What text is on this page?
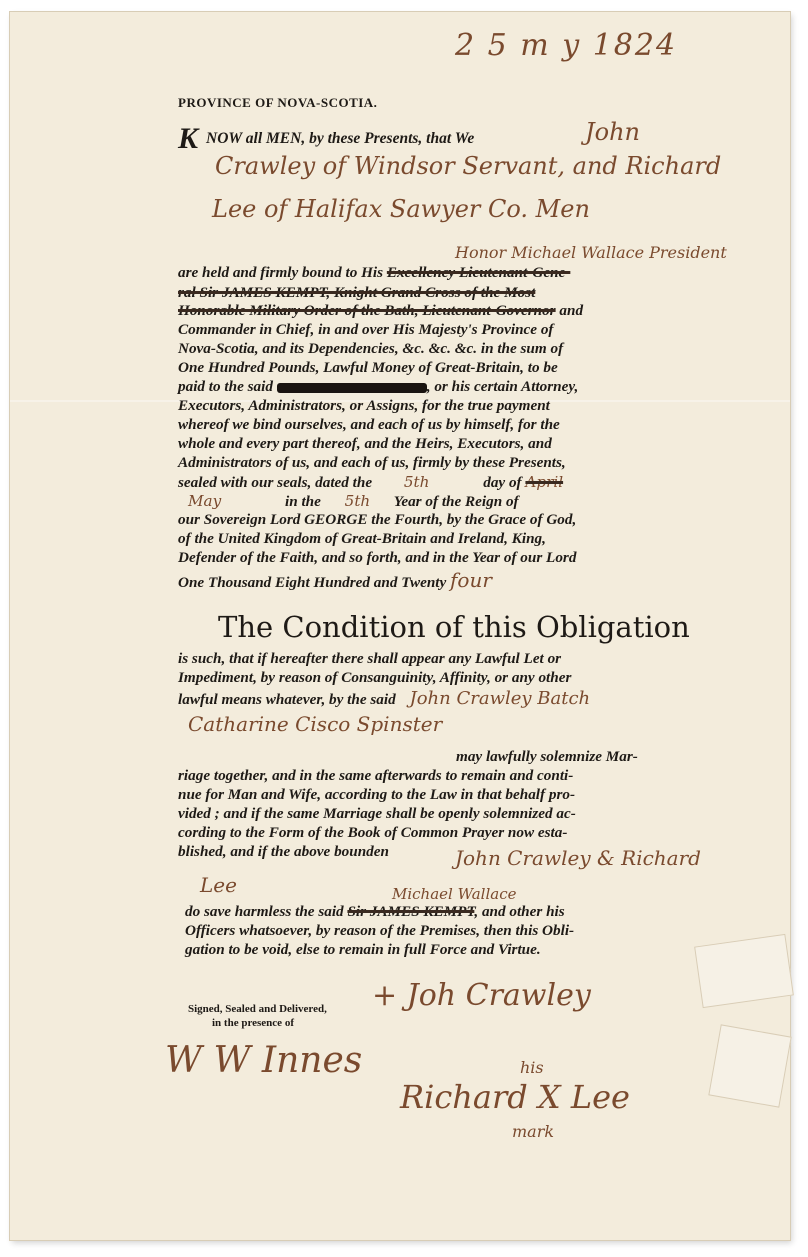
2 5 m y 1824
PROVINCE OF NOVA-SCOTIA.
K NOW all MEN, by these Presents, that We	John
Crawley of Windsor Servant, and Richard
Lee of Halifax Sawyer Co. Men
Honor Michael Wallace President
are held and firmly bound to His Excellency Lieutenant-Gene-
ral Sir JAMES KEMPT, Knight Grand Cross of the Most
Honorable Military Order of the Bath, Lieutenant-Governor and
Commander in Chief, in and over His Majesty's Province of
Nova-Scotia, and its Dependencies, &c. &c. &c. in the sum of
One Hundred Pounds, Lawful Money of Great-Britain, to be
paid to the said	, or his certain Attorney,
Executors, Administrators, or Assigns, for the true payment
whereof we bind ourselves, and each of us by himself, for the
whole and every part thereof, and the Heirs, Executors, and
Administrators of us, and each of us, firmly by these Presents,
sealed with our seals, dated the 5th	day of April
May	in the 5th Year of the Reign of
our Sovereign Lord GEORGE the Fourth, by the Grace of God,
of the United Kingdom of Great-Britain and Ireland, King,
Defender of the Faith, and so forth, and in the Year of our Lord
One Thousand Eight Hundred and Twenty four
The Condition of this Obligation
is such, that if hereafter there shall appear any Lawful Let or
Impediment, by reason of Consanguinity, Affinity, or any other
lawful means whatever, by the said John Crawley Batch
Catharine Cisco Spinster
may lawfully solemnize Mar-
riage together, and in the same afterwards to remain and conti-
nue for Man and Wife, according to the Law in that behalf pro-
vided ; and if the same Marriage shall be openly solemnized ac-
cording to the Form of the Book of Common Prayer now esta-
blished, and if the above bounden	John Crawley & Richard
Lee	Michael Wallace
do save harmless the said Sir JAMES KEMPT, and other his
Officers whatsoever, by reason of the Premises, then this Obli-
gation to be void, else to remain in full Force and Virtue.
Signed, Sealed and Delivered,
in the presence of
+ Joh Crawley
W W Innes	his
Richard X Lee
mark
